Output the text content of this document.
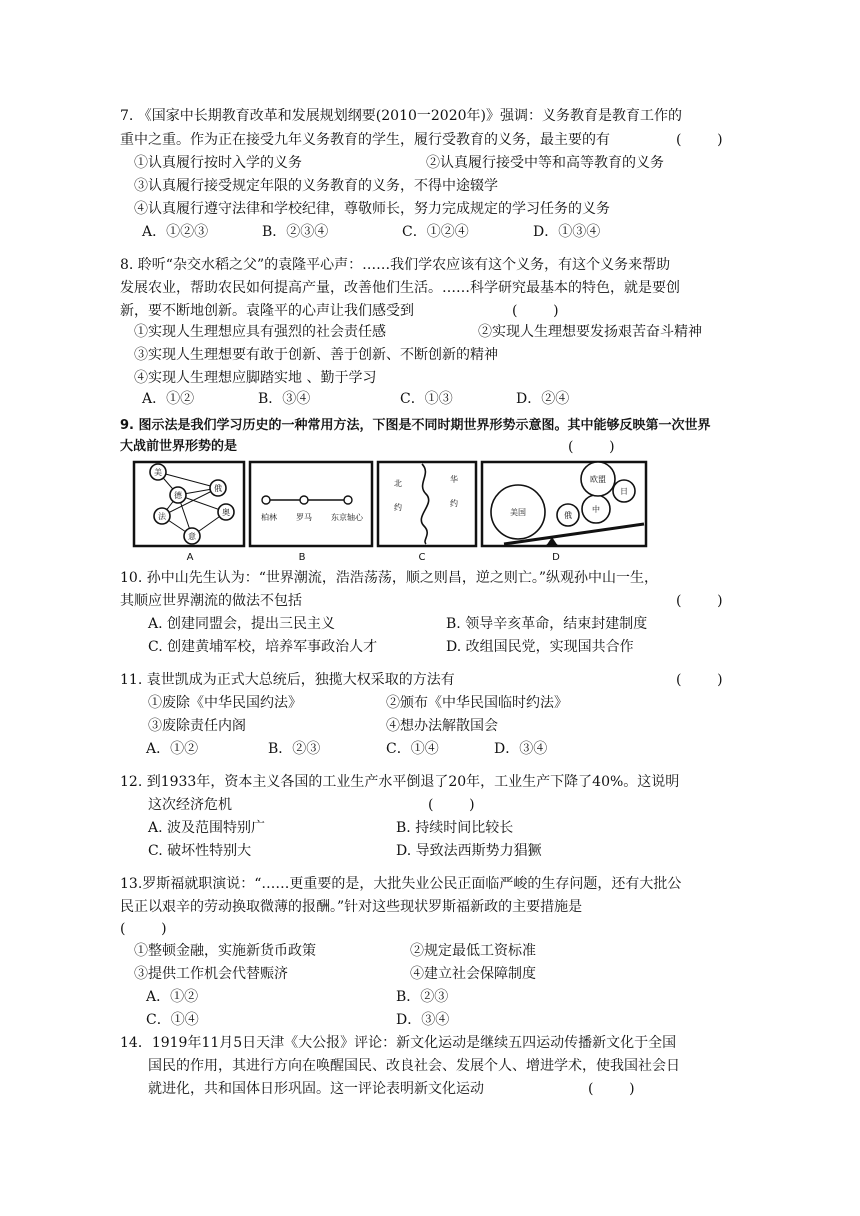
7. 《国家中长期教育改革和发展规划纲要(2010一2020年)》强调：义务教育是教育工作的
重中之重。作为正在接受九年义务教育的学生，履行受教育的义务，最主要的有	(        )
①认真履行按时入学的义务	②认真履行接受中等和高等教育的义务
③认真履行接受规定年限的义务教育的义务，不得中途辍学
④认真履行遵守法律和学校纪律，尊敬师长，努力完成规定的学习任务的义务
A．①②③	B．②③④	C．①②④	D．①③④
8. 聆听“杂交水稻之父”的袁隆平心声：……我们学农应该有这个义务，有这个义务来帮助
发展农业，帮助农民如何提高产量，改善他们生活。……科学研究最基本的特色，就是要创
新，要不断地创新。袁隆平的心声让我们感受到	(        )
①实现人生理想应具有强烈的社会责任感	②实现人生理想要发扬艰苦奋斗精神
③实现人生理想要有敢于创新、善于创新、不断创新的精神
④实现人生理想应脚踏实地 、勤于学习
A．①②	B．③④	C．①③	D．②④
9. 图示法是我们学习历史的一种常用方法，下图是不同时期世界形势示意图。其中能够反映第一次世界
大战前世界形势的是	(        )
美
俄
德
法	奥
意
A
柏林 罗马 东京轴心
B
北
约
华
约
C
美国	俄
中
欧盟
日
D
10. 孙中山先生认为：“世界潮流，浩浩荡荡，顺之则昌，逆之则亡。”纵观孙中山一生，
其顺应世界潮流的做法不包括	(        )
A. 创建同盟会，提出三民主义	B. 领导辛亥革命，结束封建制度
C. 创建黄埔军校，培养军事政治人才	D. 改组国民党，实现国共合作
11. 袁世凯成为正式大总统后，独揽大权采取的方法有	(        )
①废除《中华民国约法》	②颁布《中华民国临时约法》
③废除责任内阁	④想办法解散国会
A．①②	B．②③	C．①④	D．③④
12. 到1933年，资本主义各国的工业生产水平倒退了20年，工业生产下降了40%。这说明
这次经济危机	(        )
A. 波及范围特别广	B. 持续时间比较长
C. 破坏性特别大	D. 导致法西斯势力猖獗
13.罗斯福就职演说：“……更重要的是，大批失业公民正面临严峻的生存问题，还有大批公
民正以艰辛的劳动换取微薄的报酬。”针对这些现状罗斯福新政的主要措施是
(        )
①整顿金融，实施新货币政策	②规定最低工资标准
③提供工作机会代替赈济	④建立社会保障制度
A．①②	B．②③
C．①④	D．③④
14．1919年11月5日天津《大公报》评论：新文化运动是继续五四运动传播新文化于全国
国民的作用，其进行方向在唤醒国民、改良社会、发展个人、增进学术，使我国社会日
就进化，共和国体日形巩固。这一评论表明新文化运动	(        )
